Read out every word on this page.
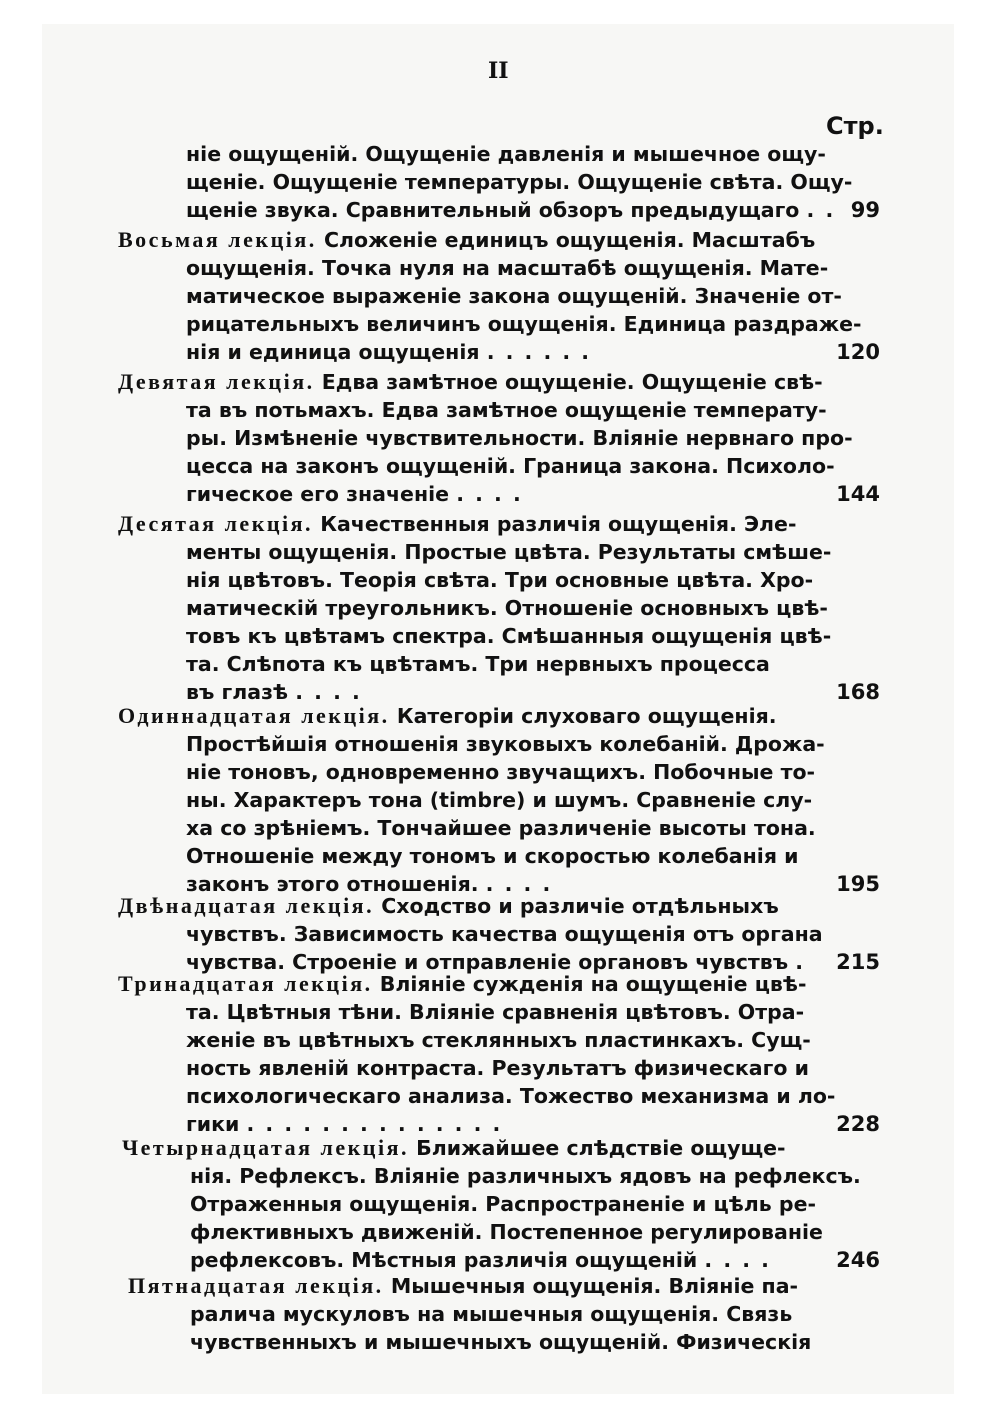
II
Стр.
ніе ощущеній. Ощущеніе давленія и мышечное ощу-
щеніе. Ощущеніе температуры. Ощущеніе свѣта. Ощу-
щеніе звука. Сравнительный обзоръ предыдущаго . . 99
Восьмая лекція. Сложеніе единицъ ощущенія. Масштабъ
ощущенія. Точка нуля на масштабѣ ощущенія. Мате-
матическое выраженіе закона ощущеній. Значеніе от-
рицательныхъ величинъ ощущенія. Единица раздраже-
нія и единица ощущенія . . . . . .	120
Девятая лекція. Едва замѣтное ощущеніе. Ощущеніе свѣ-
та въ потьмахъ. Едва замѣтное ощущеніе температу-
ры. Измѣненіе чувствительности. Вліяніе нервнаго про-
цесса на законъ ощущеній. Граница закона. Психоло-
гическое его значеніе . . . .	144
Десятая лекція. Качественныя различія ощущенія. Эле-
менты ощущенія. Простые цвѣта. Результаты смѣше-
нія цвѣтовъ. Теорія свѣта. Три основные цвѣта. Хро-
матическій треугольникъ. Отношеніе основныхъ цвѣ-
товъ къ цвѣтамъ спектра. Смѣшанныя ощущенія цвѣ-
та. Слѣпота къ цвѣтамъ. Три нервныхъ процесса
въ глазѣ . . . .	168
Одиннадцатая лекція. Категоріи слуховаго ощущенія.
Простѣйшія отношенія звуковыхъ колебаній. Дрожа-
ніе тоновъ, одновременно звучащихъ. Побочные то-
ны. Характеръ тона (timbre) и шумъ. Сравненіе слу-
ха со зрѣніемъ. Тончайшее различеніе высоты тона.
Отношеніе между тономъ и скоростью колебанія и
законъ этого отношенія. . . . .	195
Двѣнадцатая лекція. Сходство и различіе отдѣльныхъ
чувствъ. Зависимость качества ощущенія отъ органа
чувства. Строеніе и отправленіе органовъ чувствъ .	215
Тринадцатая лекція. Вліяніе сужденія на ощущеніе цвѣ-
та. Цвѣтныя тѣни. Вліяніе сравненія цвѣтовъ. Отра-
женіе въ цвѣтныхъ стеклянныхъ пластинкахъ. Сущ-
ность явленій контраста. Результатъ физическаго и
психологическаго анализа. Тожество механизма и ло-
гики . . . . . . . . . . . . . .	228
Четырнадцатая лекція. Ближайшее слѣдствіе ощуще-
нія. Рефлексъ. Вліяніе различныхъ ядовъ на рефлексъ.
Отраженныя ощущенія. Распространеніе и цѣль ре-
флективныхъ движеній. Постепенное регулированіе
рефлексовъ. Мѣстныя различія ощущеній . . . .	246
Пятнадцатая лекція. Мышечныя ощущенія. Вліяніе па-
ралича мускуловъ на мышечныя ощущенія. Связь
чувственныхъ и мышечныхъ ощущеній. Физическія
